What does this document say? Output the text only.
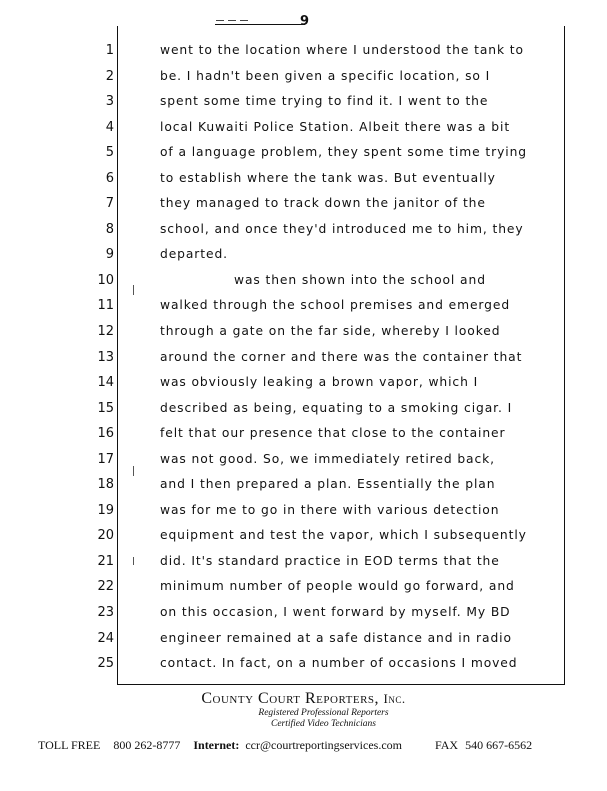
9
1
2
3
4
5
6
7
8
9
10
11
12
13
14
15
16
17
18
19
20
21
22
23
24
25
went to the location where I understood the tank to
be. I hadn't been given a specific location, so I
spent some time trying to find it. I went to the
local Kuwaiti Police Station. Albeit there was a bit
of a language problem, they spent some time trying
to establish where the tank was. But eventually
they managed to track down the janitor of the
school, and once they'd introduced me to him, they
departed.
was then shown into the school and
walked through the school premises and emerged
through a gate on the far side, whereby I looked
around the corner and there was the container that
was obviously leaking a brown vapor, which I
described as being, equating to a smoking cigar. I
felt that our presence that close to the container
was not good. So, we immediately retired back,
and I then prepared a plan. Essentially the plan
was for me to go in there with various detection
equipment and test the vapor, which I subsequently
did. It's standard practice in EOD terms that the
minimum number of people would go forward, and
on this occasion, I went forward by myself. My BD
engineer remained at a safe distance and in radio
contact. In fact, on a number of occasions I moved
County Court Reporters, Inc.
Registered Professional Reporters
Certified Video Technicians
TOLL FREE 800 262-8777 Internet: ccr@courtreportingservices.com	FAX 540 667-6562
